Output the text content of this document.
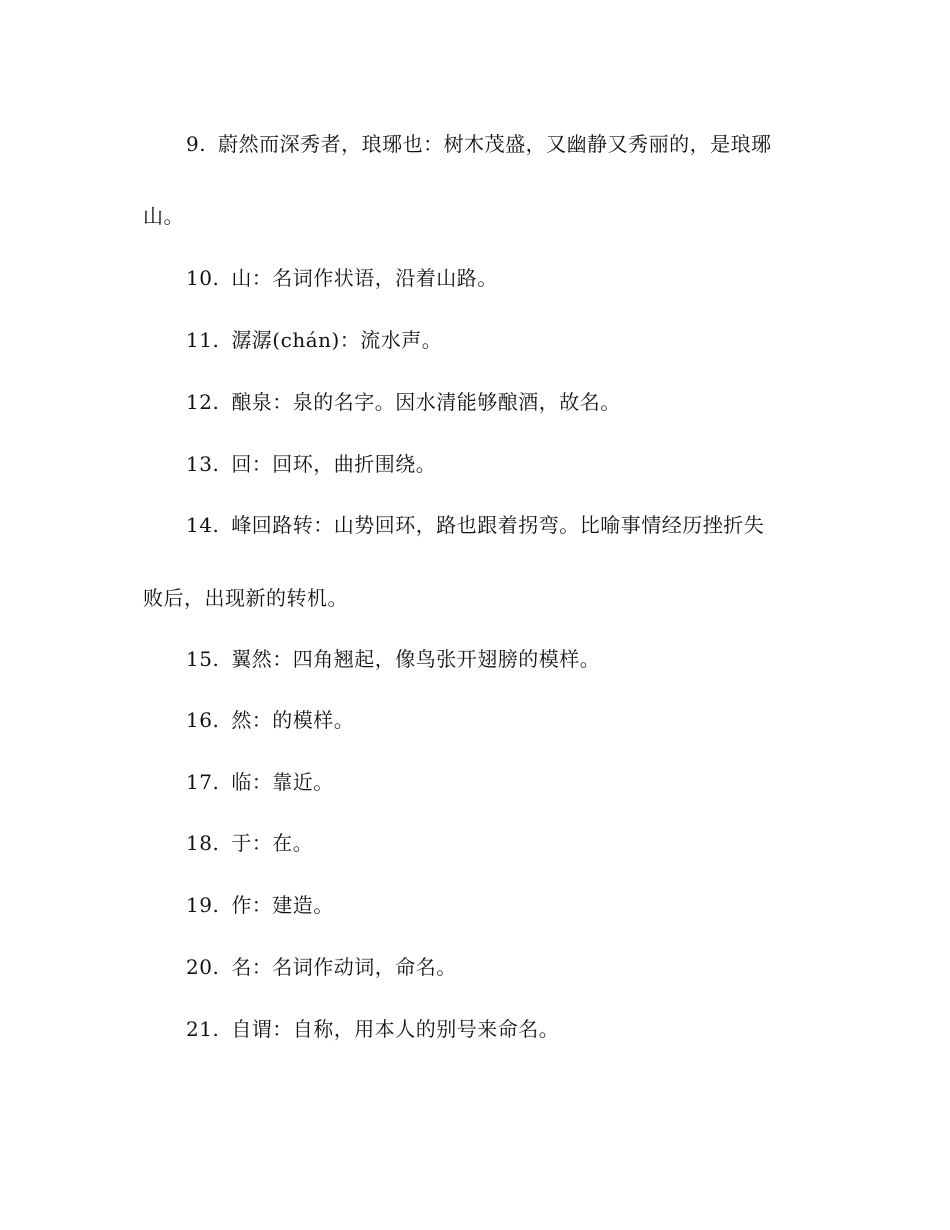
9. 蔚然而深秀者，琅琊也：树木茂盛，又幽静又秀丽的，是琅琊
山。
10. 山：名词作状语，沿着山路。
11. 潺潺(chán)：流水声。
12. 酿泉：泉的名字。因水清能够酿酒，故名。
13. 回：回环，曲折围绕。
14. 峰回路转：山势回环，路也跟着拐弯。比喻事情经历挫折失
败后，出现新的转机。
15. 翼然：四角翘起，像鸟张开翅膀的模样。
16. 然：的模样。
17. 临：靠近。
18. 于：在。
19. 作：建造。
20. 名：名词作动词，命名。
21. 自谓：自称，用本人的别号来命名。
